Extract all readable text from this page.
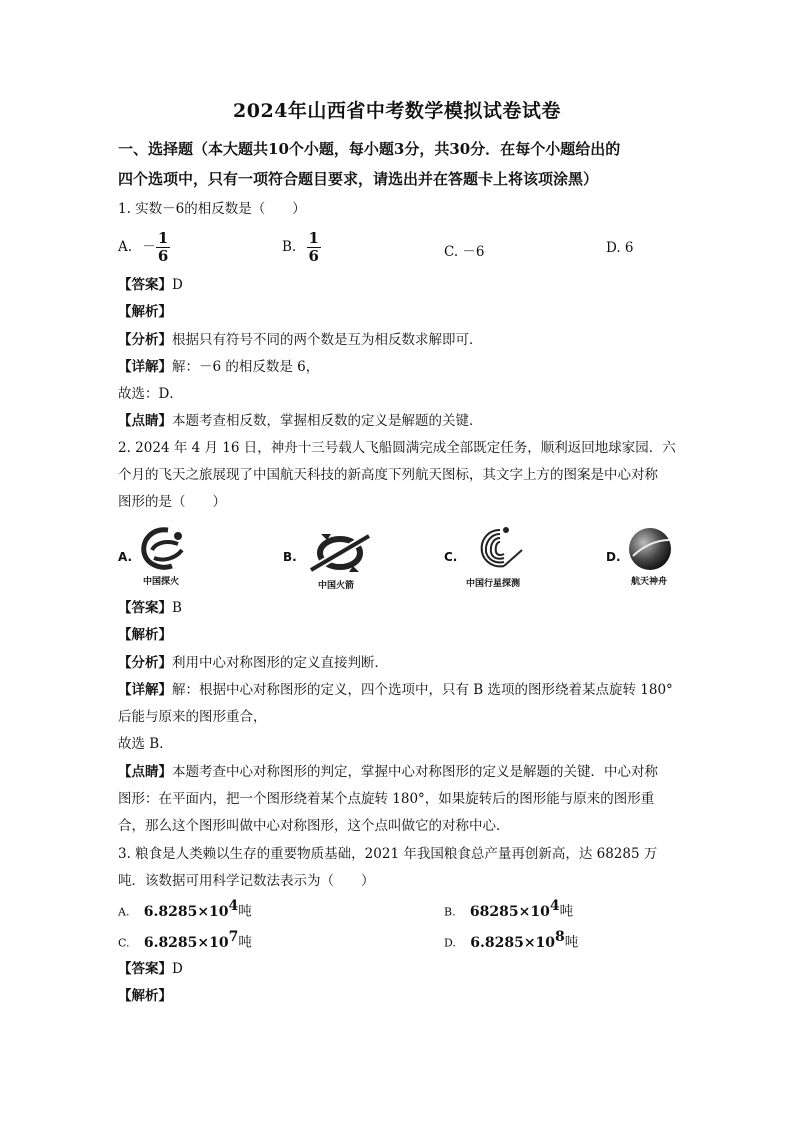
2024年山西省中考数学模拟试卷试卷
一、选择题（本大题共10个小题，每小题3分，共30分．在每个小题给出的
四个选项中，只有一项符合题目要求，请选出并在答题卡上将该项涂黑）
1. 实数－6的相反数是（　　）
A. － $\frac{1}{6}$	B. $\frac{1}{6}$	C. －6	D. 6
【答案】D
【解析】
【分析】根据只有符号不同的两个数是互为相反数求解即可．
【详解】解：－6 的相反数是 6，
故选：D．
【点睛】本题考查相反数，掌握相反数的定义是解题的关键．
2. 2024 年 4 月 16 日，神舟十三号载人飞船圆满完成全部既定任务，顺利返回地球家园．六
个月的飞天之旅展现了中国航天科技的新高度下列航天图标，其文字上方的图案是中心对称
图形的是（　　）
A.
中国探火
B.
中国火箭
C.
中国行星探测
D.
航天神舟
【答案】B
【解析】
【分析】利用中心对称图形的定义直接判断．
【详解】解：根据中心对称图形的定义，四个选项中，只有 B 选项的图形绕着某点旋转 180°
后能与原来的图形重合，
故选 B．
【点睛】本题考查中心对称图形的判定，掌握中心对称图形的定义是解题的关键．中心对称
图形：在平面内，把一个图形绕着某个点旋转 180°，如果旋转后的图形能与原来的图形重
合，那么这个图形叫做中心对称图形，这个点叫做它的对称中心．
3. 粮食是人类赖以生存的重要物质基础，2021 年我国粮食总产量再创新高，达 68285 万
吨．该数据可用科学记数法表示为（　　）
A. $6.8285\times 10^4$吨	B. $68285\times 10^4$吨
C. $6.8285\times 10^7$吨	D. $6.8285\times 10^8$吨
【答案】D
【解析】
